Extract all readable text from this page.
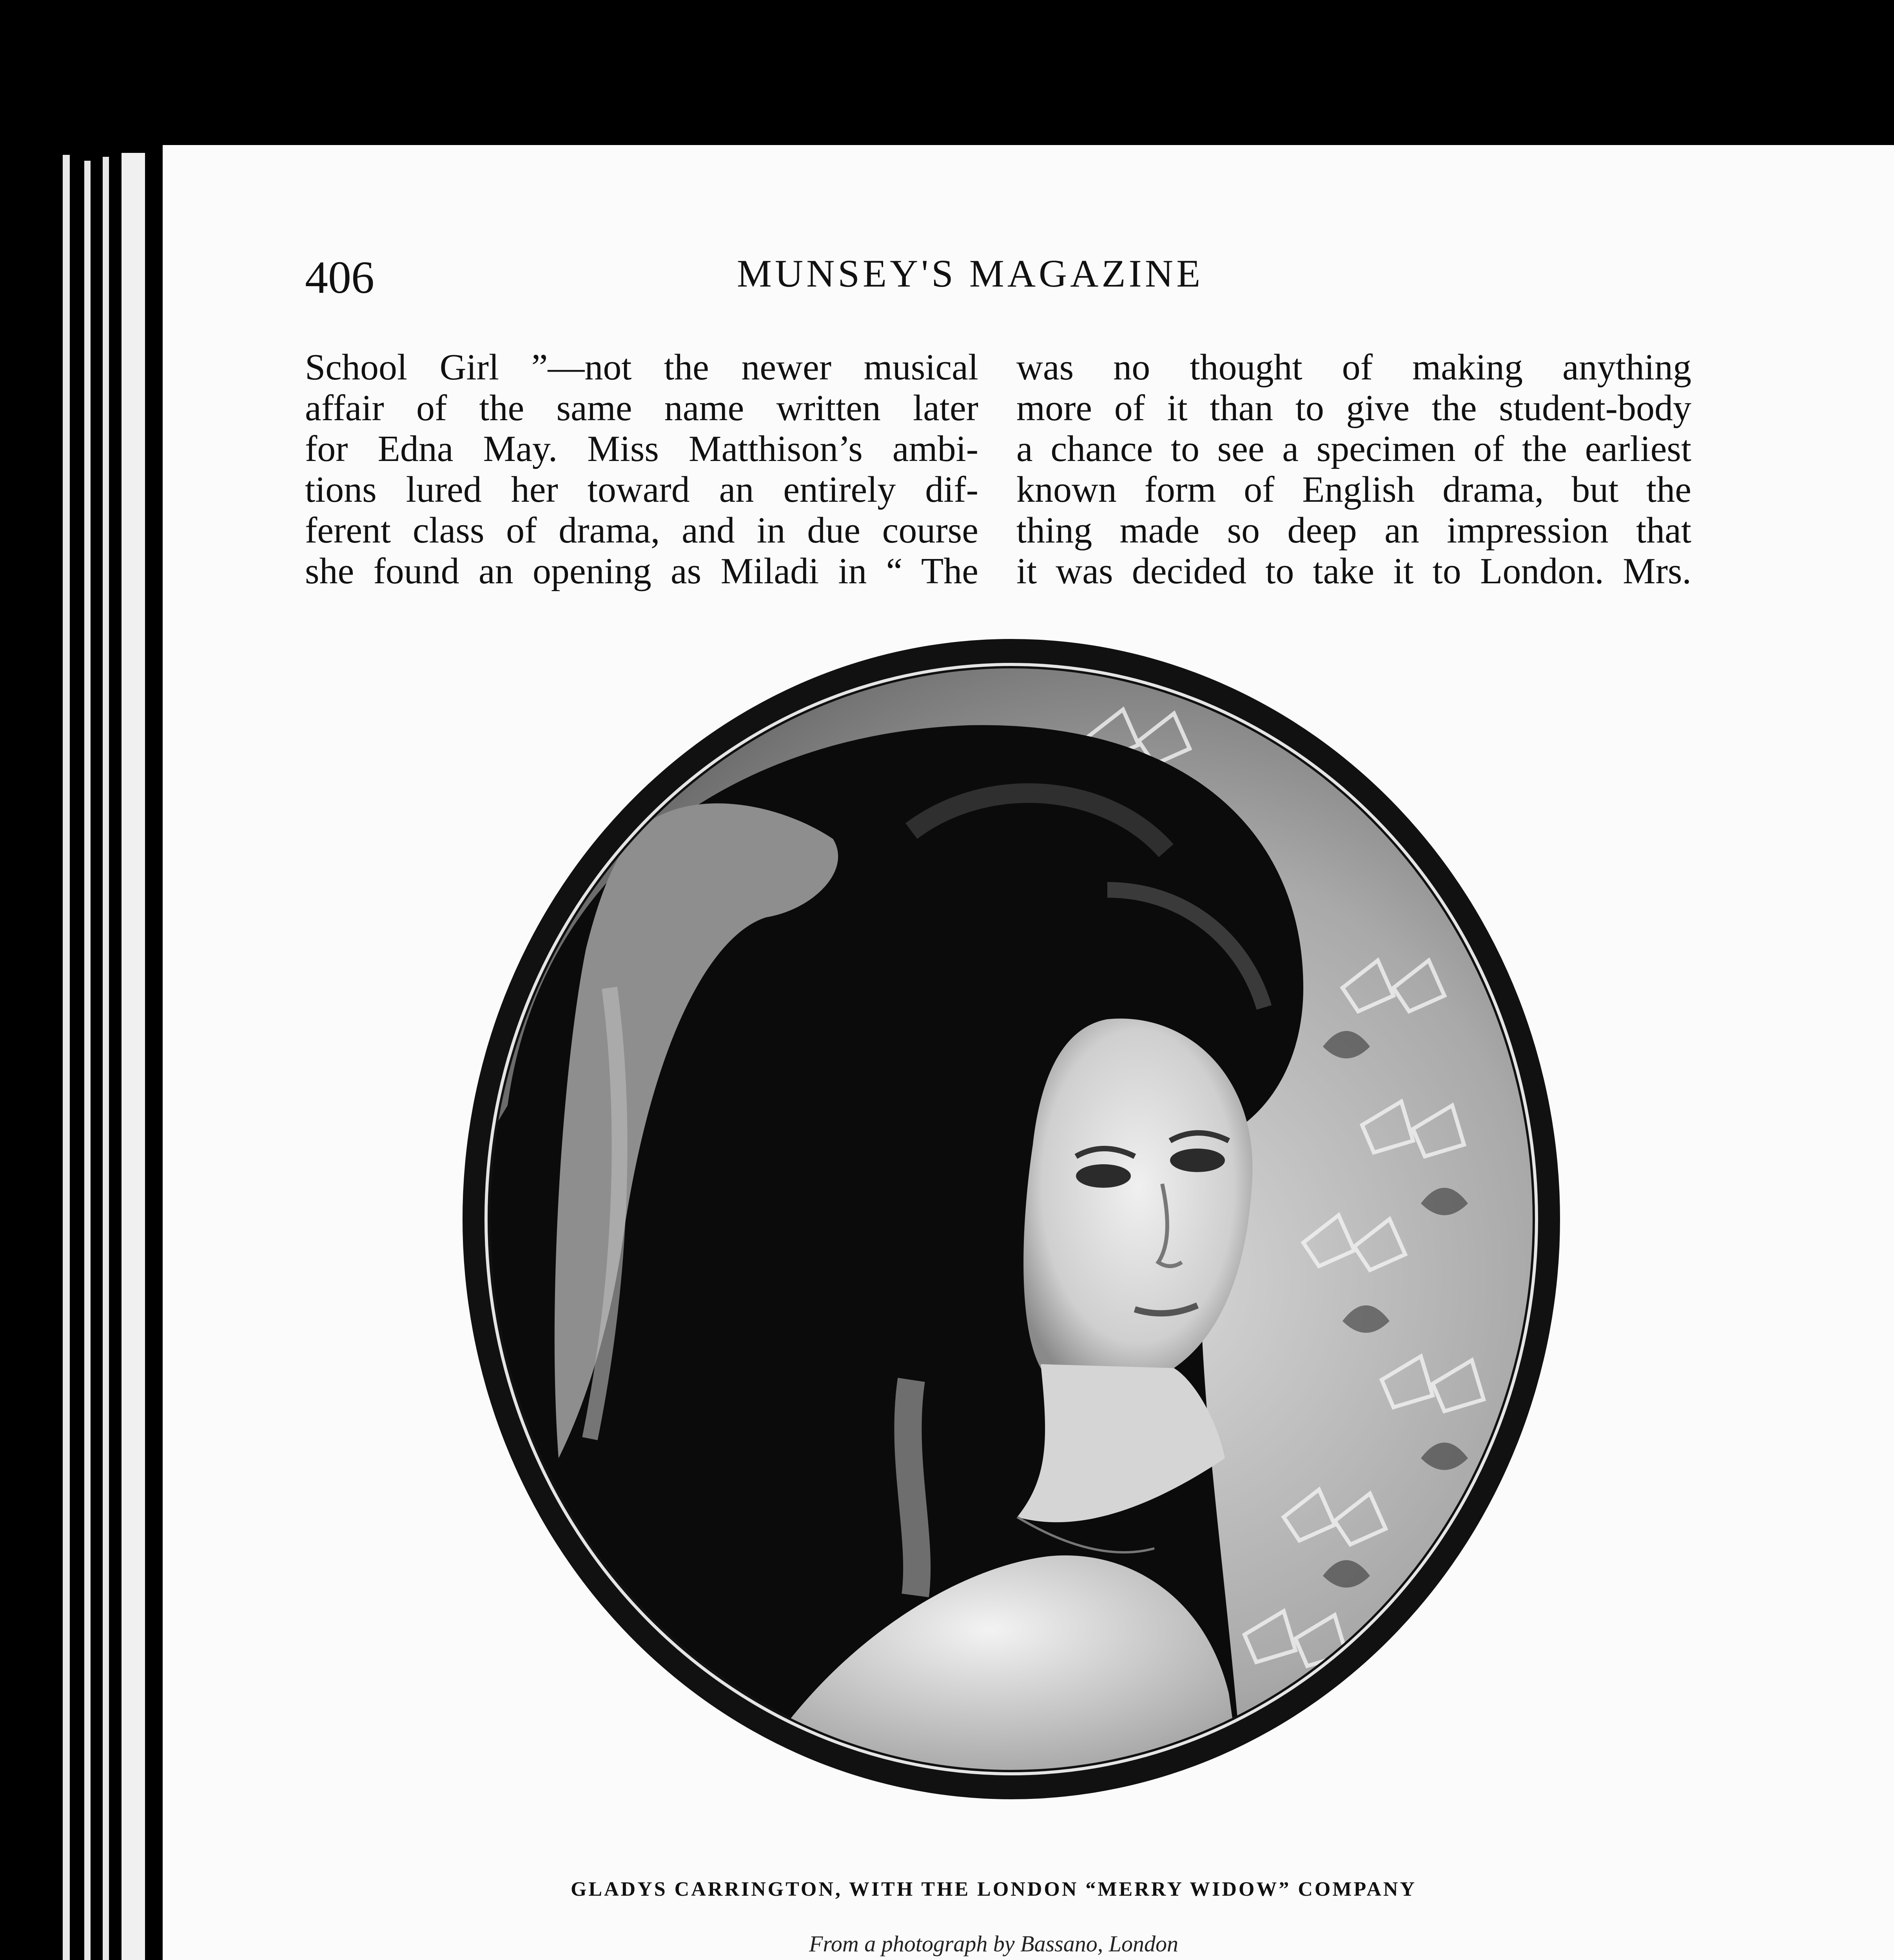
406	MUNSEY'S MAGAZINE
School Girl ”—not the newer musical
affair of the same name written later
for Edna May. Miss Matthison’s ambi-
tions lured her toward an entirely dif-
ferent class of drama, and in due course
she found an opening as Miladi in “ The
was no thought of making anything
more of it than to give the student-body
a chance to see a specimen of the earliest
known form of English drama, but the
thing made so deep an impression that
it was decided to take it to London. Mrs.
GLADYS CARRINGTON, WITH THE LONDON “MERRY WIDOW” COMPANY
From a photograph by Bassano, London
